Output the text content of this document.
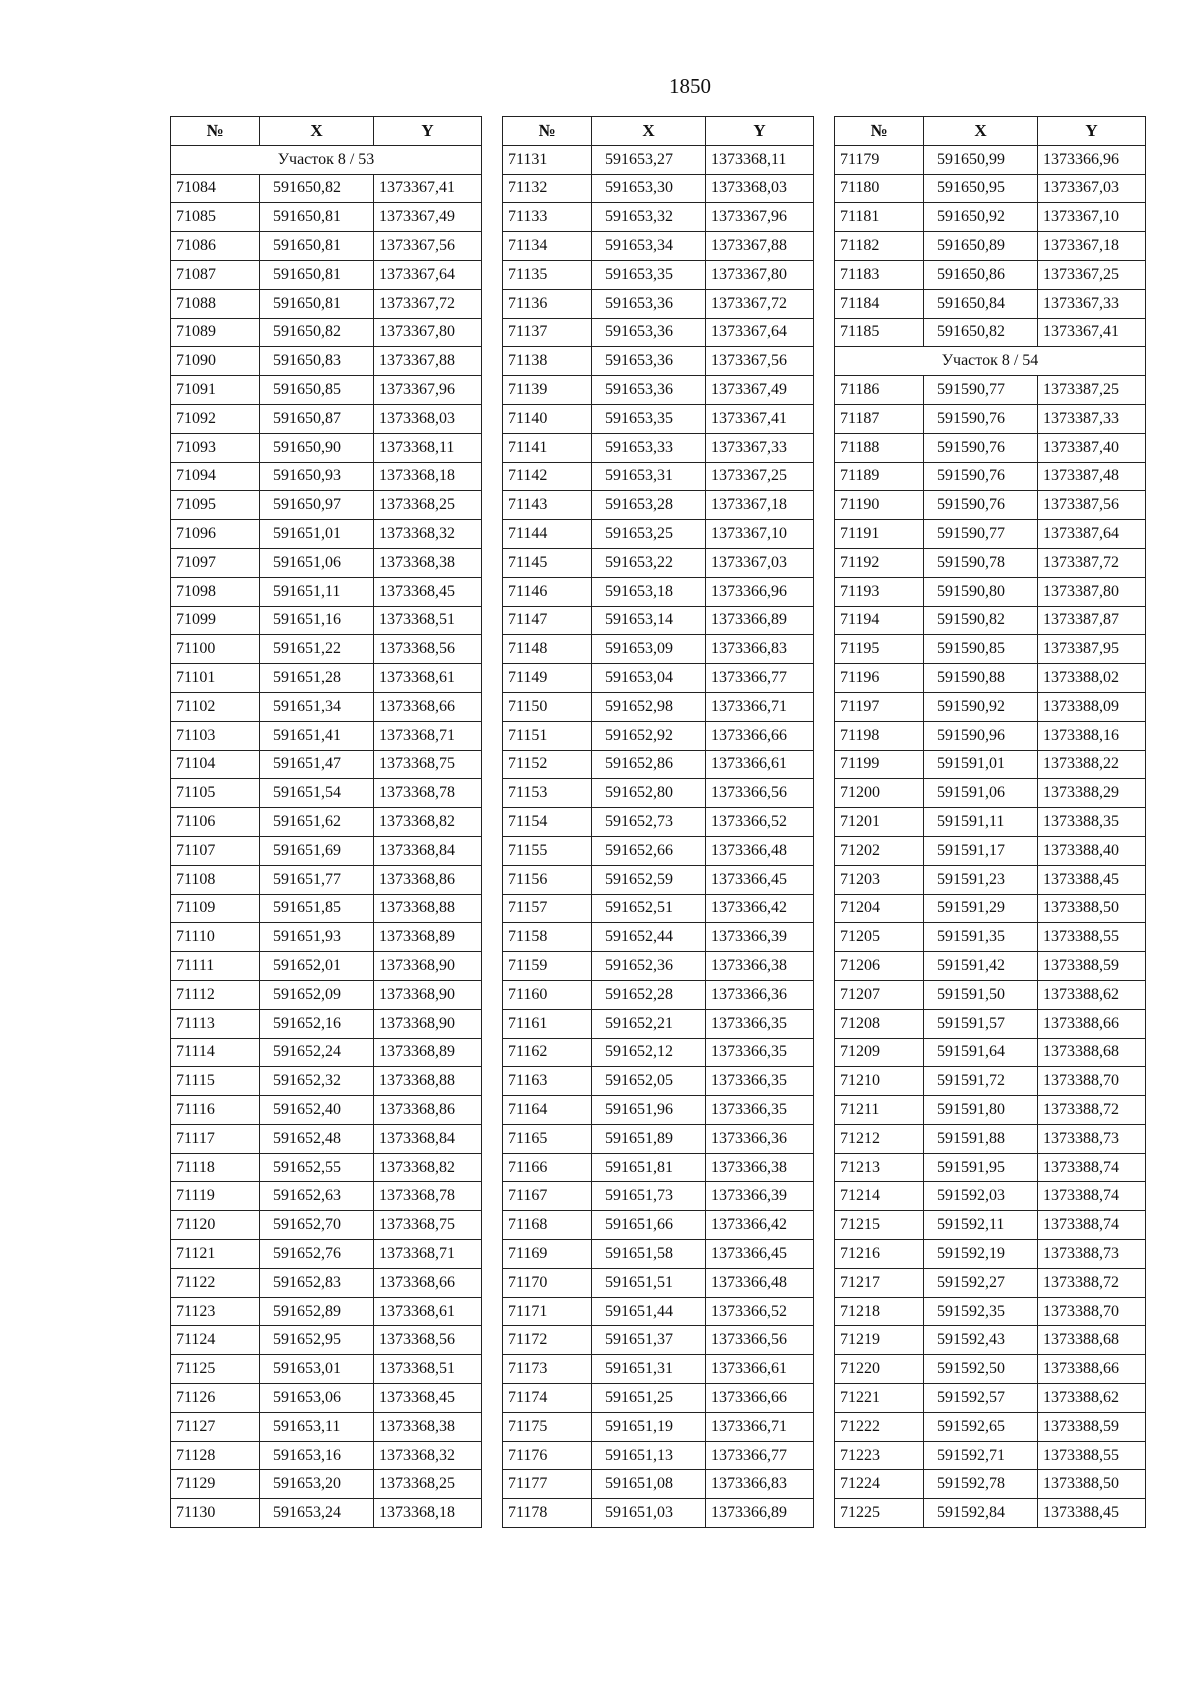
1850
№	X	Y
Участок 8 / 53		
71084	591650,82	1373367,41
71085	591650,81	1373367,49
71086	591650,81	1373367,56
71087	591650,81	1373367,64
71088	591650,81	1373367,72
71089	591650,82	1373367,80
71090	591650,83	1373367,88
71091	591650,85	1373367,96
71092	591650,87	1373368,03
71093	591650,90	1373368,11
71094	591650,93	1373368,18
71095	591650,97	1373368,25
71096	591651,01	1373368,32
71097	591651,06	1373368,38
71098	591651,11	1373368,45
71099	591651,16	1373368,51
71100	591651,22	1373368,56
71101	591651,28	1373368,61
71102	591651,34	1373368,66
71103	591651,41	1373368,71
71104	591651,47	1373368,75
71105	591651,54	1373368,78
71106	591651,62	1373368,82
71107	591651,69	1373368,84
71108	591651,77	1373368,86
71109	591651,85	1373368,88
71110	591651,93	1373368,89
71111	591652,01	1373368,90
71112	591652,09	1373368,90
71113	591652,16	1373368,90
71114	591652,24	1373368,89
71115	591652,32	1373368,88
71116	591652,40	1373368,86
71117	591652,48	1373368,84
71118	591652,55	1373368,82
71119	591652,63	1373368,78
71120	591652,70	1373368,75
71121	591652,76	1373368,71
71122	591652,83	1373368,66
71123	591652,89	1373368,61
71124	591652,95	1373368,56
71125	591653,01	1373368,51
71126	591653,06	1373368,45
71127	591653,11	1373368,38
71128	591653,16	1373368,32
71129	591653,20	1373368,25
71130	591653,24	1373368,18
№	X	Y
71131	591653,27	1373368,11
71132	591653,30	1373368,03
71133	591653,32	1373367,96
71134	591653,34	1373367,88
71135	591653,35	1373367,80
71136	591653,36	1373367,72
71137	591653,36	1373367,64
71138	591653,36	1373367,56
71139	591653,36	1373367,49
71140	591653,35	1373367,41
71141	591653,33	1373367,33
71142	591653,31	1373367,25
71143	591653,28	1373367,18
71144	591653,25	1373367,10
71145	591653,22	1373367,03
71146	591653,18	1373366,96
71147	591653,14	1373366,89
71148	591653,09	1373366,83
71149	591653,04	1373366,77
71150	591652,98	1373366,71
71151	591652,92	1373366,66
71152	591652,86	1373366,61
71153	591652,80	1373366,56
71154	591652,73	1373366,52
71155	591652,66	1373366,48
71156	591652,59	1373366,45
71157	591652,51	1373366,42
71158	591652,44	1373366,39
71159	591652,36	1373366,38
71160	591652,28	1373366,36
71161	591652,21	1373366,35
71162	591652,12	1373366,35
71163	591652,05	1373366,35
71164	591651,96	1373366,35
71165	591651,89	1373366,36
71166	591651,81	1373366,38
71167	591651,73	1373366,39
71168	591651,66	1373366,42
71169	591651,58	1373366,45
71170	591651,51	1373366,48
71171	591651,44	1373366,52
71172	591651,37	1373366,56
71173	591651,31	1373366,61
71174	591651,25	1373366,66
71175	591651,19	1373366,71
71176	591651,13	1373366,77
71177	591651,08	1373366,83
71178	591651,03	1373366,89
№	X	Y
71179	591650,99	1373366,96
71180	591650,95	1373367,03
71181	591650,92	1373367,10
71182	591650,89	1373367,18
71183	591650,86	1373367,25
71184	591650,84	1373367,33
71185	591650,82	1373367,41
Участок 8 / 54		
71186	591590,77	1373387,25
71187	591590,76	1373387,33
71188	591590,76	1373387,40
71189	591590,76	1373387,48
71190	591590,76	1373387,56
71191	591590,77	1373387,64
71192	591590,78	1373387,72
71193	591590,80	1373387,80
71194	591590,82	1373387,87
71195	591590,85	1373387,95
71196	591590,88	1373388,02
71197	591590,92	1373388,09
71198	591590,96	1373388,16
71199	591591,01	1373388,22
71200	591591,06	1373388,29
71201	591591,11	1373388,35
71202	591591,17	1373388,40
71203	591591,23	1373388,45
71204	591591,29	1373388,50
71205	591591,35	1373388,55
71206	591591,42	1373388,59
71207	591591,50	1373388,62
71208	591591,57	1373388,66
71209	591591,64	1373388,68
71210	591591,72	1373388,70
71211	591591,80	1373388,72
71212	591591,88	1373388,73
71213	591591,95	1373388,74
71214	591592,03	1373388,74
71215	591592,11	1373388,74
71216	591592,19	1373388,73
71217	591592,27	1373388,72
71218	591592,35	1373388,70
71219	591592,43	1373388,68
71220	591592,50	1373388,66
71221	591592,57	1373388,62
71222	591592,65	1373388,59
71223	591592,71	1373388,55
71224	591592,78	1373388,50
71225	591592,84	1373388,45
